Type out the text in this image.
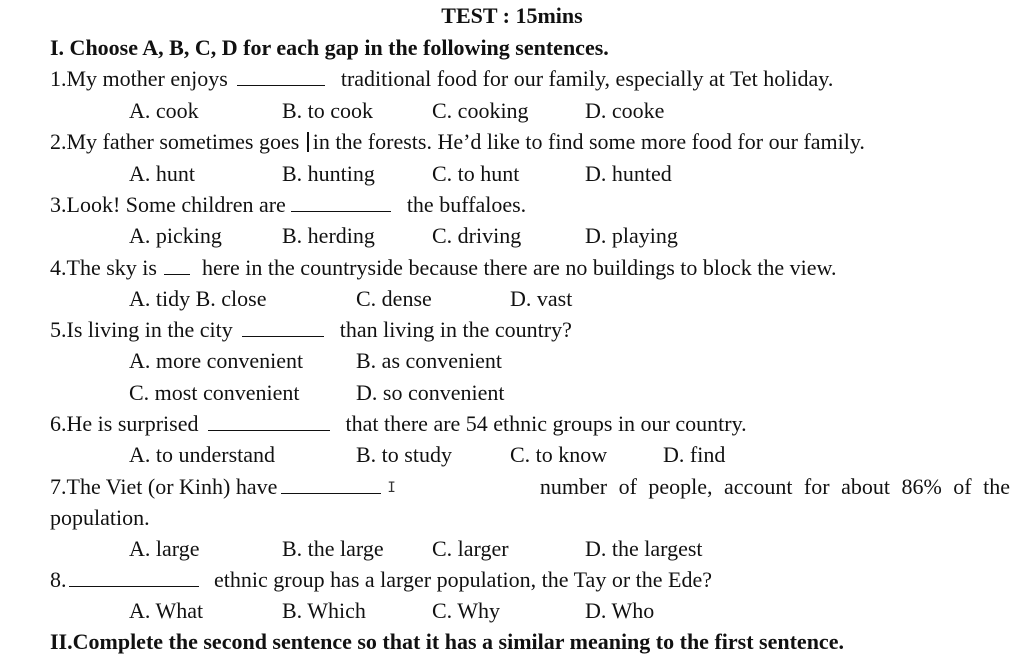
TEST : 15mins
I. Choose A, B, C, D for each gap in the following sentences.
1.My mother enjoys	traditional food for our family, especially at Tet holiday.
A. cook	B. to cook	C. cooking	D. cooke
2.My father sometimes goes in the forests. He’d like to find some more food for our family.
A. hunt	B. hunting	C. to hunt	D. hunted
3.Look! Some children are	the buffaloes.
A. picking	B. herding	C. driving	D. playing
4.The sky is here in the countryside because there are no buildings to block the view.
A. tidy B. close	C. dense	D. vast
5.Is living in the city	than living in the country?
A. more convenient B. as convenient
C. most convenient	D. so convenient
6.He is surprised	that there are 54 ethnic groups in our country.
A. to understand	B. to study	C. to know	D. find
7.The Viet (or Kinh) have	I	number of people, account for about 86% of the
population.
A. large	B. the large C. larger	D. the largest
8.	ethnic group has a larger population, the Tay or the Ede?
A. What	B. Which	C. Why	D. Who
II.Complete the second sentence so that it has a similar meaning to the first sentence.
